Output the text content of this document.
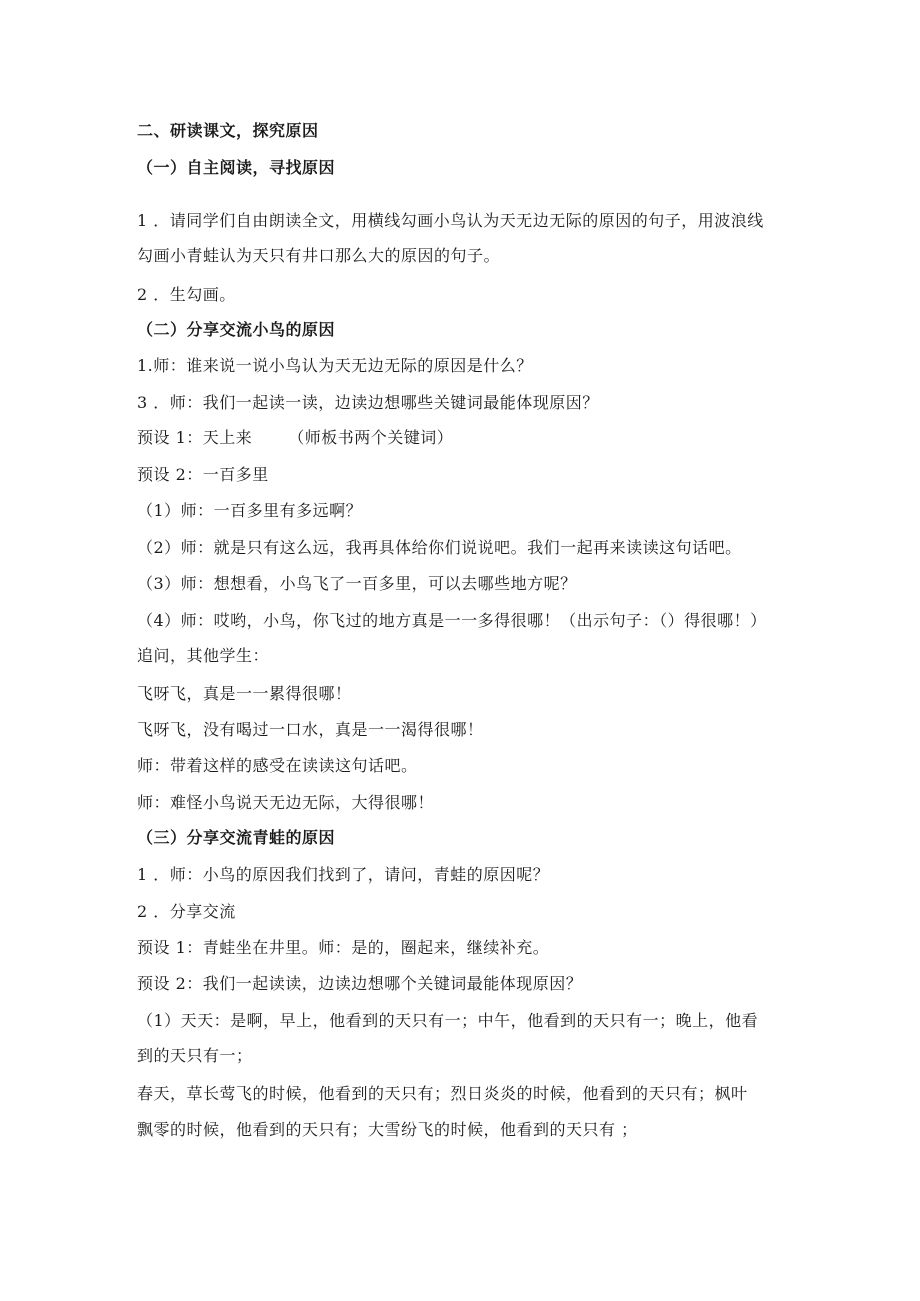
二、研读课文，探究原因
（一）自主阅读，寻找原因
1 ．请同学们自由朗读全文，用横线勾画小鸟认为天无边无际的原因的句子，用波浪线
勾画小青蛙认为天只有井口那么大的原因的句子。
2 ．生勾画。
（二）分享交流小鸟的原因
1.师：谁来说一说小鸟认为天无边无际的原因是什么？
3 ．师：我们一起读一读，边读边想哪些关键词最能体现原因？
预设 1：天上来 （师板书两个关键词）
预设 2：一百多里
（1）师：一百多里有多远啊？
（2）师：就是只有这么远，我再具体给你们说说吧。我们一起再来读读这句话吧。
（3）师：想想看，小鸟飞了一百多里，可以去哪些地方呢？
（4）师：哎哟，小鸟，你飞过的地方真是一一多得很哪！（出示句子：（）得很哪！）
追问，其他学生：
飞呀飞，真是一一累得很哪！
飞呀飞，没有喝过一口水，真是一一渴得很哪！
师：带着这样的感受在读读这句话吧。
师：难怪小鸟说天无边无际，大得很哪！
（三）分享交流青蛙的原因
1 ．师：小鸟的原因我们找到了，请问，青蛙的原因呢？
2 ．分享交流
预设 1：青蛙坐在井里。师：是的，圈起来，继续补充。
预设 2：我们一起读读，边读边想哪个关键词最能体现原因？
（1）天天：是啊，早上，他看到的天只有一；中午，他看到的天只有一；晚上，他看
到的天只有一；
春天，草长莺飞的时候，他看到的天只有；烈日炎炎的时候，他看到的天只有；枫叶
飘零的时候，他看到的天只有；大雪纷飞的时候，他看到的天只有 ；
